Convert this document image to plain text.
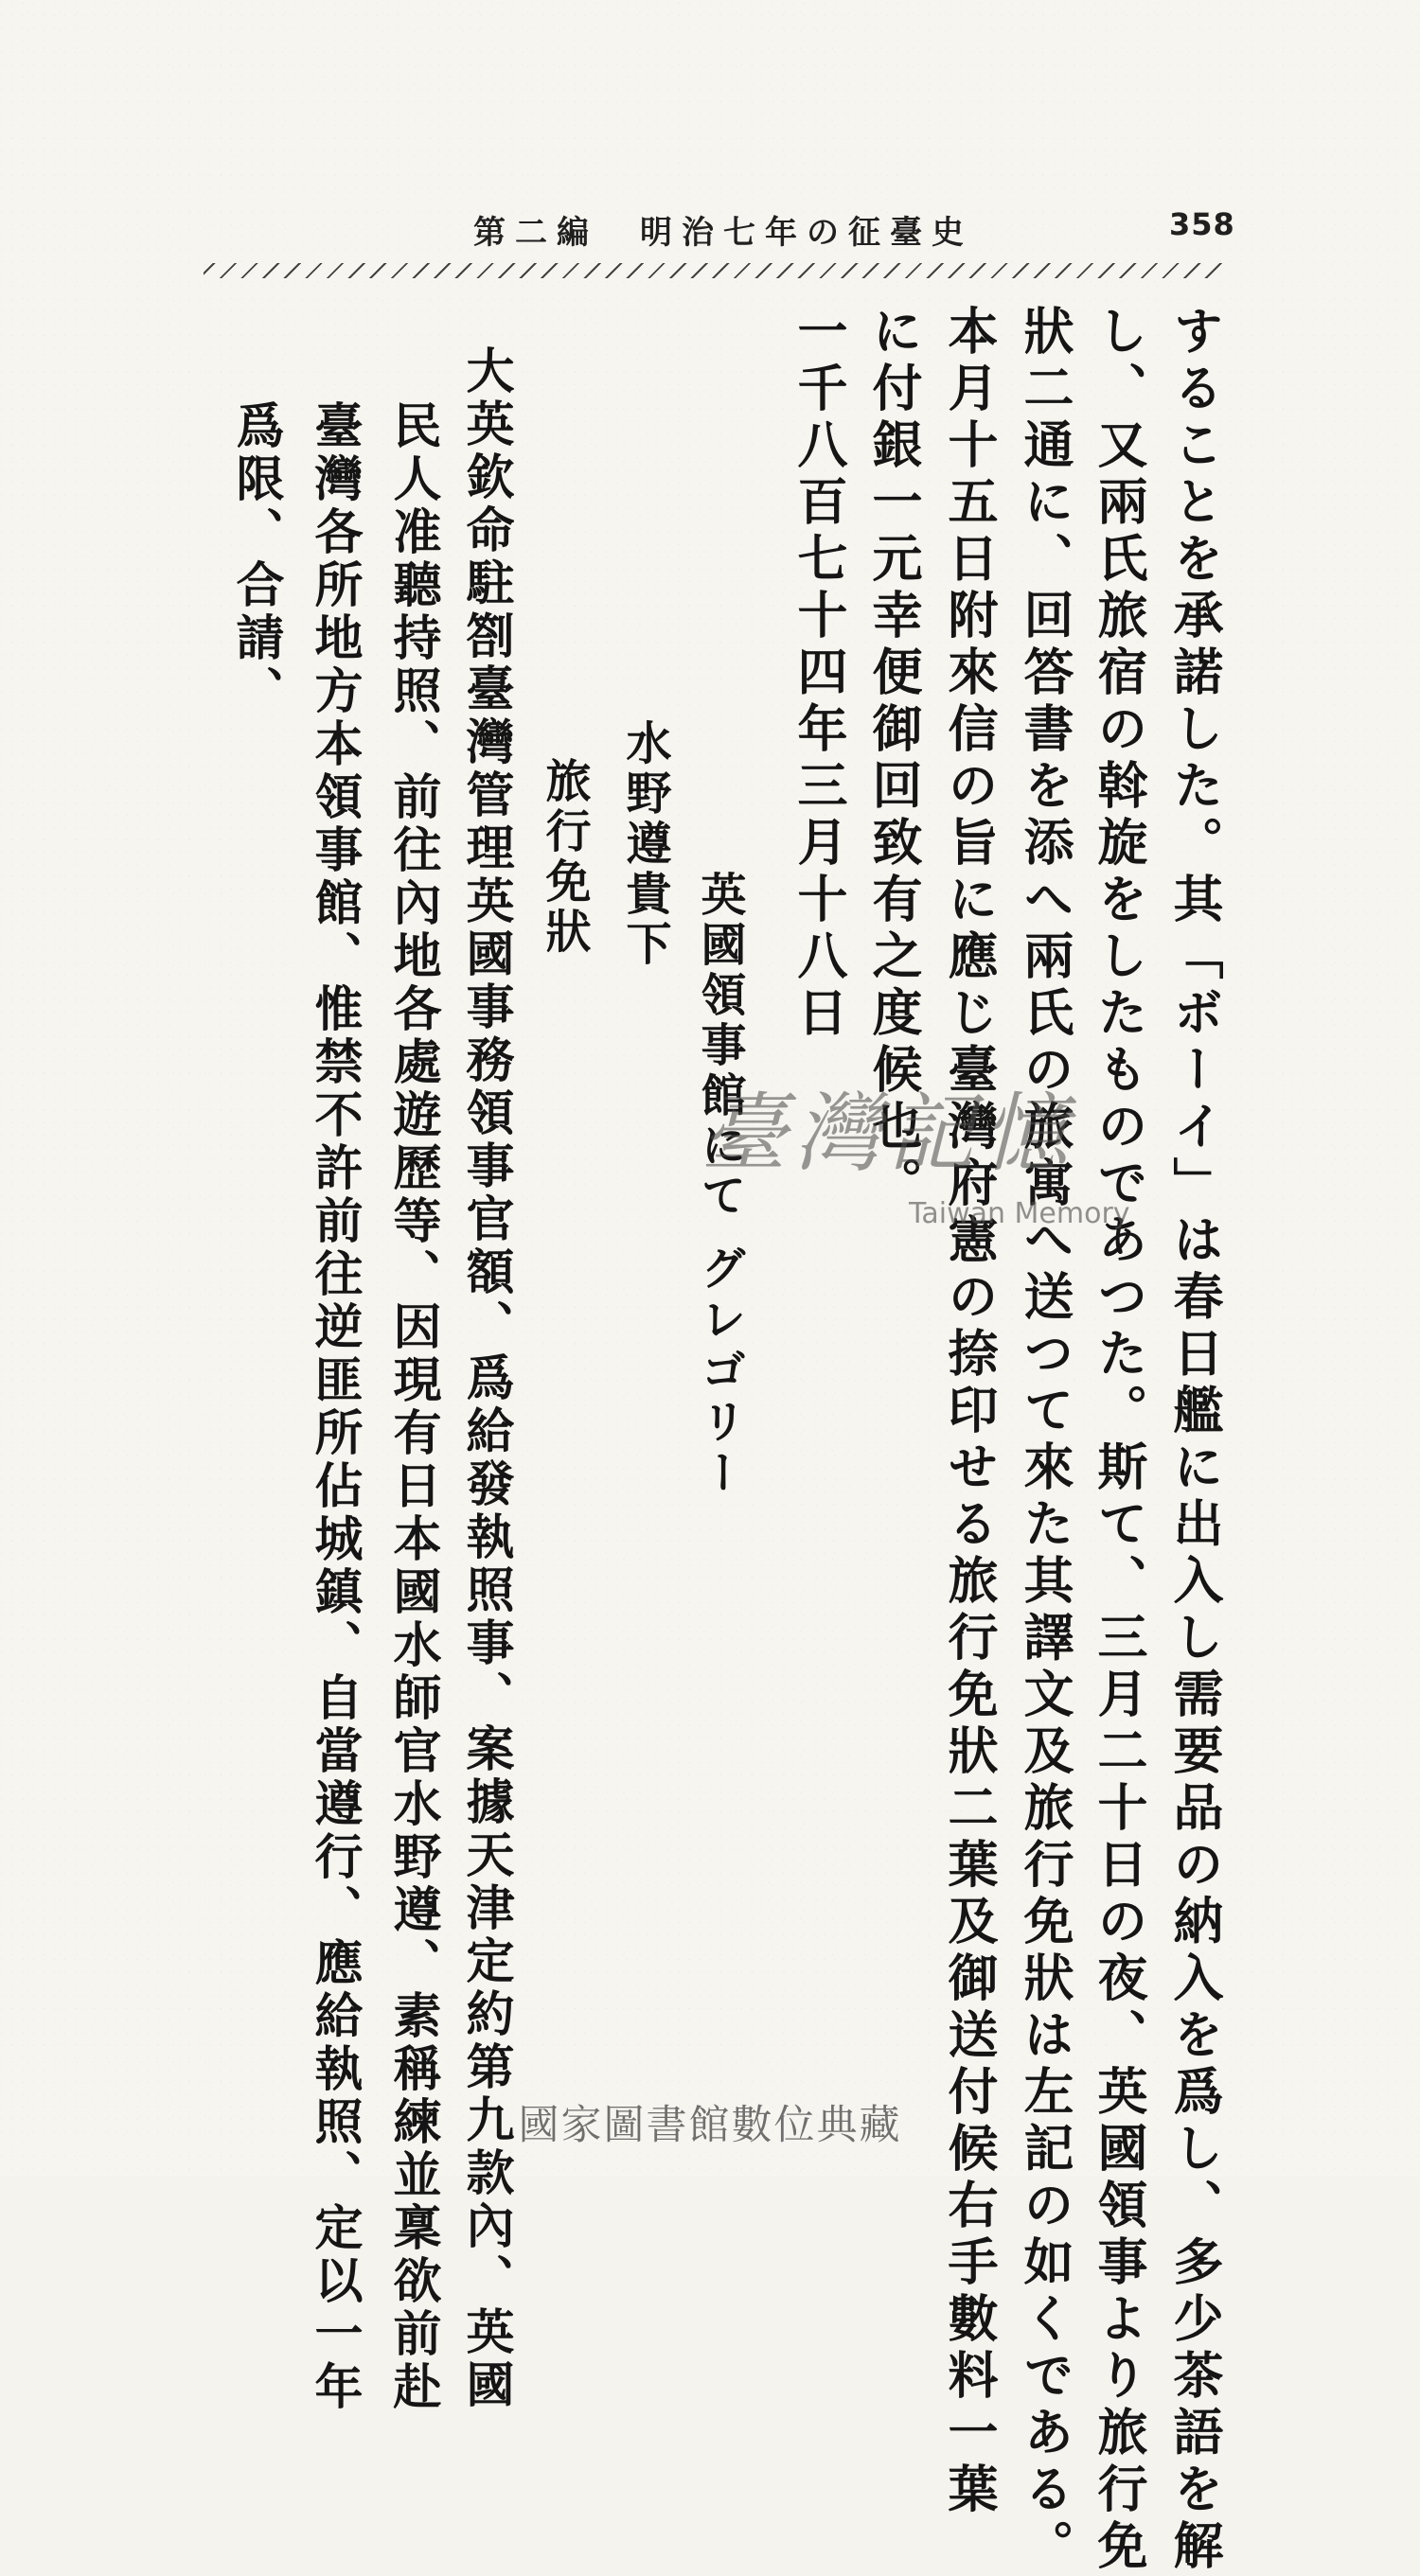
第二編　明治七年の征臺史	358
することを承諾した。其「ボーイ」は春日艦に出入し需要品の納入を爲し、多少茶語を解
し、又兩氏旅宿の斡旋をしたものであつた。斯て、三月二十日の夜、英國領事より旅行免
狀二通に、回答書を添へ兩氏の旅寓へ送つて來た其譯文及旅行免狀は左記の如くである。
本月十五日附來信の旨に應じ臺灣府憲の捺印せる旅行免狀二葉及御送付候右手數料一葉
に付銀一元幸便御回致有之度候也。
一千八百七十四年三月十八日
英國領事館にて
グレゴリー
水野遵貴下
旅行免狀
大英欽命駐劄臺灣管理英國事務領事官額、爲給發執照事、案據天津定約第九款內、英國
民人准聽持照、前往內地各處遊歷等、因現有日本國水師官水野遵、素稱練並稟欲前赴
臺灣各所地方本領事館、惟禁不許前往逆匪所佔城鎮、自當遵行、應給執照、定以一年
爲限、合請、
臺灣記憶
Taiwan Memory
國家圖書館數位典藏
